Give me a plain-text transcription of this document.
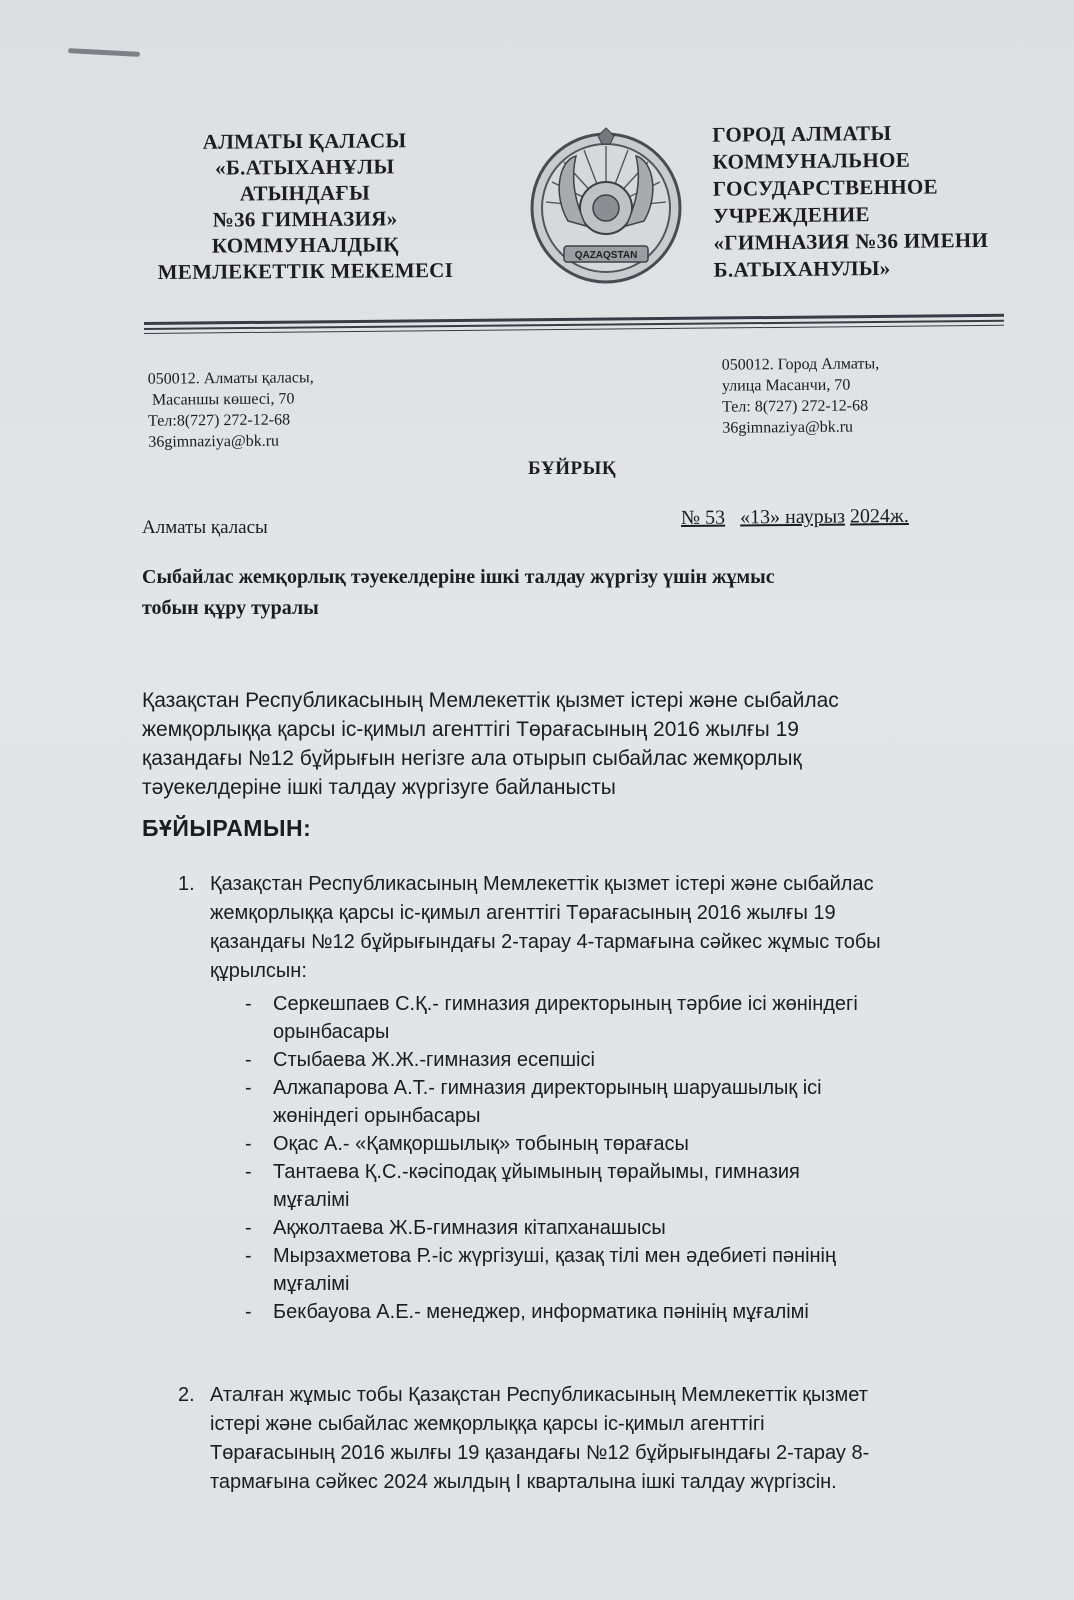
АЛМАТЫ ҚАЛАСЫ
«Б.АТЫХАНҰЛЫ
АТЫНДАҒЫ
№36 ГИМНАЗИЯ»
КОММУНАЛДЫҚ
МЕМЛЕКЕТТІК МЕКЕМЕСІ
QAZAQSTAN
ГОРОД АЛМАТЫ
КОММУНАЛЬНОЕ
ГОСУДАРСТВЕННОЕ
УЧРЕЖДЕНИЕ
«ГИМНАЗИЯ №36 ИМЕНИ
Б.АТЫХАНУЛЫ»
050012. Алматы қаласы,
Масаншы көшесі, 70
Тел:8(727) 272-12-68
36gimnaziya@bk.ru
050012. Город Алматы,
улица Масанчи, 70
Тел: 8(727) 272-12-68
36gimnaziya@bk.ru
БҰЙРЫҚ
Алматы қаласы	№ 53 «13» наурыз 2024ж.
Сыбайлас жемқорлық тәуекелдеріне ішкі талдау жүргізу үшін жұмыс
тобын құру туралы
Қазақстан Республикасының Мемлекеттік қызмет істері және сыбайлас
жемқорлыққа қарсы іс-қимыл агенттігі Төрағасының 2016 жылғы 19
қазандағы №12 бұйрығын негізге ала отырып сыбайлас жемқорлық
тәуекелдеріне ішкі талдау жүргізуге байланысты
БҰЙЫРАМЫН:
1. Қазақстан Республикасының Мемлекеттік қызмет істері және сыбайлас
жемқорлыққа қарсы іс-қимыл агенттігі Төрағасының 2016 жылғы 19
қазандағы №12 бұйрығындағы 2-тарау 4-тармағына сәйкес жұмыс тобы
құрылсын:
- Серкешпаев С.Қ.- гимназия директорының тәрбие ісі жөніндегі
орынбасары
- Стыбаева Ж.Ж.-гимназия есепшісі
- Алжапарова А.Т.- гимназия директорының шаруашылық ісі
жөніндегі орынбасары
- Оқас А.- «Қамқоршылық» тобының төрағасы
- Тантаева Қ.С.-кәсіподақ ұйымының төрайымы, гимназия
мұғалімі
- Ақжолтаева Ж.Б-гимназия кітапханашысы
- Мырзахметова Р.-іс жүргізуші, қазақ тілі мен әдебиеті пәнінің
мұғалімі
- Бекбауова А.Е.- менеджер, информатика пәнінің мұғалімі
2. Аталған жұмыс тобы Қазақстан Республикасының Мемлекеттік қызмет
істері және сыбайлас жемқорлыққа қарсы іс-қимыл агенттігі
Төрағасының 2016 жылғы 19 қазандағы №12 бұйрығындағы 2-тарау 8-
тармағына сәйкес 2024 жылдың I кварталына ішкі талдау жүргізсін.
